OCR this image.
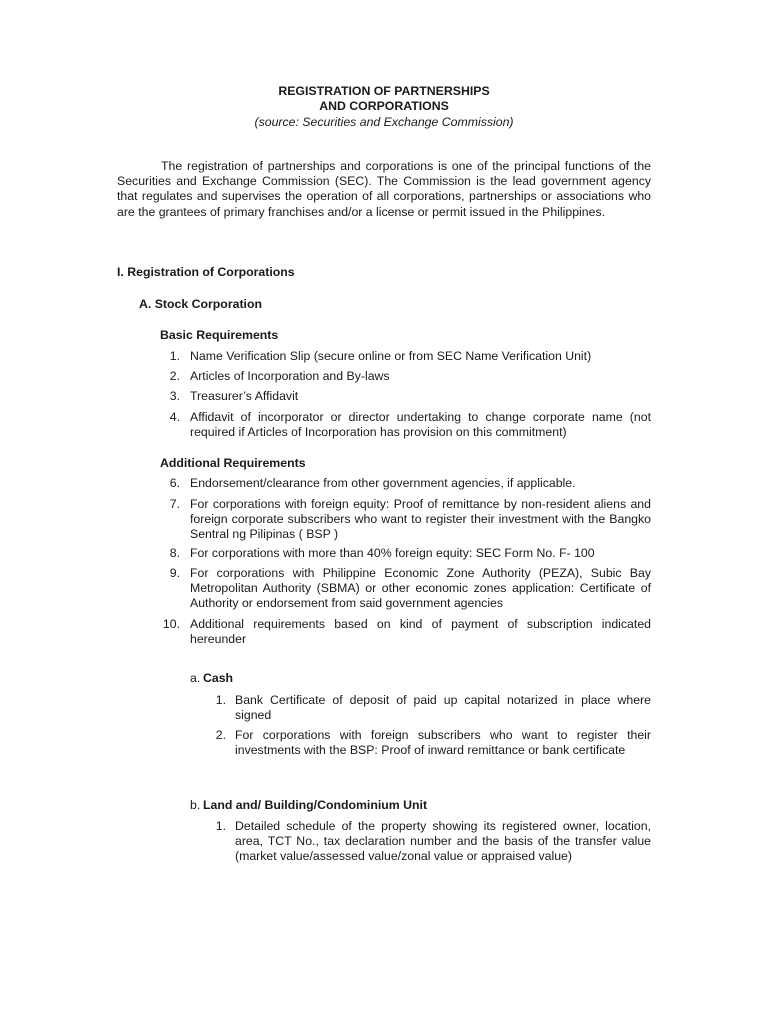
REGISTRATION OF PARTNERSHIPS

AND CORPORATIONS

(source: Securities and Exchange Commission)

The registration of partnerships and corporations is one of the principal functions of the Securities and Exchange Commission (SEC). The Commission is the lead government agency that regulates and supervises the operation of all corporations, partnerships or associations who are the grantees of primary franchises and/or a license or permit issued in the Philippines.

I. Registration of Corporations

A. Stock Corporation

Basic Requirements

1. Name Verification Slip (secure online or from SEC Name Verification Unit)
2. Articles of Incorporation and By-laws
3. Treasurer’s Affidavit
4. Affidavit of incorporator or director undertaking to change corporate name (not required if Articles of Incorporation has provision on this commitment)

Additional Requirements

6. Endorsement/clearance from other government agencies, if applicable.
7. For corporations with foreign equity: Proof of remittance by non-resident aliens and foreign corporate subscribers who want to register their investment with the Bangko Sentral ng Pilipinas ( BSP )
8. For corporations with more than 40% foreign equity: SEC Form No. F- 100
9. For corporations with Philippine Economic Zone Authority (PEZA), Subic Bay Metropolitan Authority (SBMA) or other economic zones application: Certificate of Authority or endorsement from said government agencies
10. Additional requirements based on kind of payment of subscription indicated hereunder
a. Cash
1. Bank Certificate of deposit of paid up capital notarized in place where signed
2. For corporations with foreign subscribers who want to register their investments with the BSP: Proof of inward remittance or bank certificate
b. Land and/ Building/Condominium Unit
1. Detailed schedule of the property showing its registered owner, location, area, TCT No., tax declaration number and the basis of the transfer value (market value/assessed value/zonal value or appraised value)
